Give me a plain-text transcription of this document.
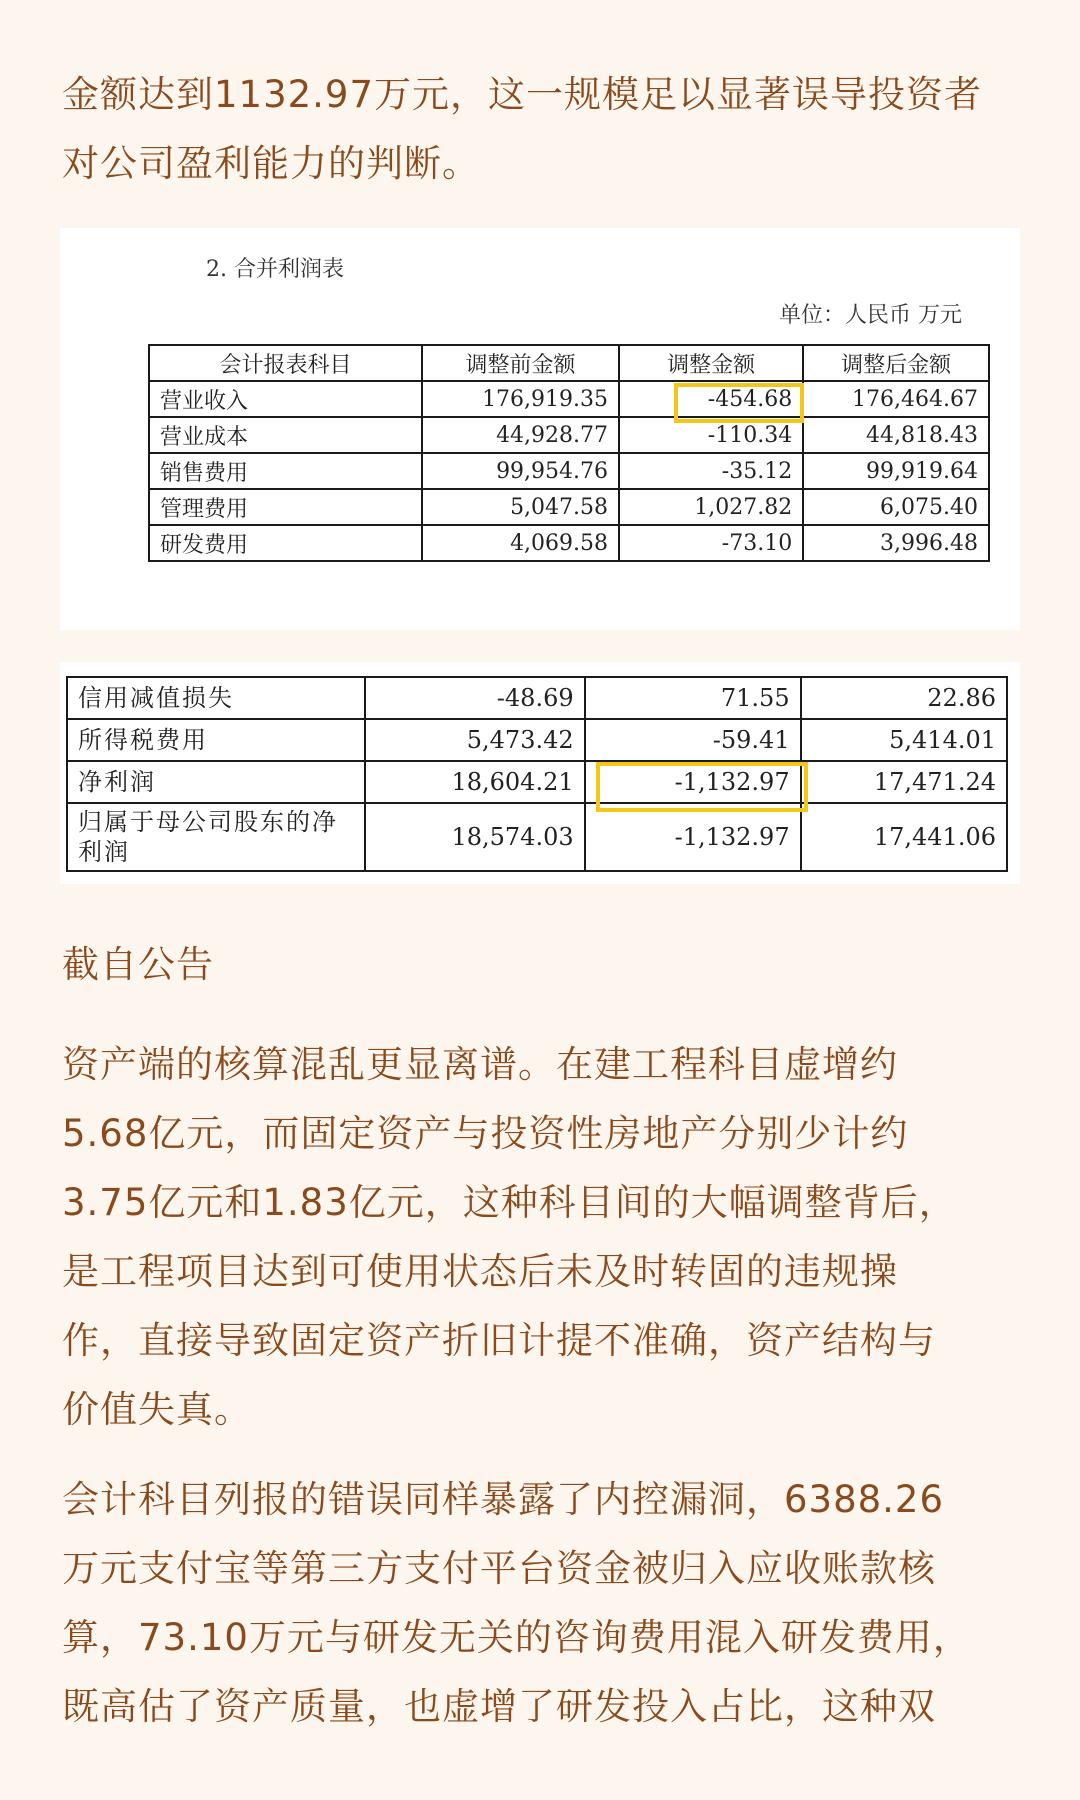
金额达到1132.97万元，这一规模足以显著误导投资者
对公司盈利能力的判断。
2. 合并利润表
单位：人民币 万元
会计报表科目	调整前金额	调整金额	调整后金额
营业收入	176,919.35	-454.68	176,464.67
营业成本	44,928.77	-110.34	44,818.43
销售费用	99,954.76	-35.12	99,919.64
管理费用	5,047.58	1,027.82	6,075.40
研发费用	4,069.58	-73.10	3,996.48
信用减值损失	-48.69	71.55	22.86
所得税费用	5,473.42	-59.41	5,414.01
净利润	18,604.21	-1,132.97	17,471.24
归属于母公司股东的净利润	18,574.03	-1,132.97	17,441.06
截自公告
资产端的核算混乱更显离谱。在建工程科目虚增约
5.68亿元，而固定资产与投资性房地产分别少计约
3.75亿元和1.83亿元，这种科目间的大幅调整背后，
是工程项目达到可使用状态后未及时转固的违规操
作，直接导致固定资产折旧计提不准确，资产结构与
价值失真。
会计科目列报的错误同样暴露了内控漏洞，6388.26
万元支付宝等第三方支付平台资金被归入应收账款核
算，73.10万元与研发无关的咨询费用混入研发费用，
既高估了资产质量，也虚增了研发投入占比，这种双
